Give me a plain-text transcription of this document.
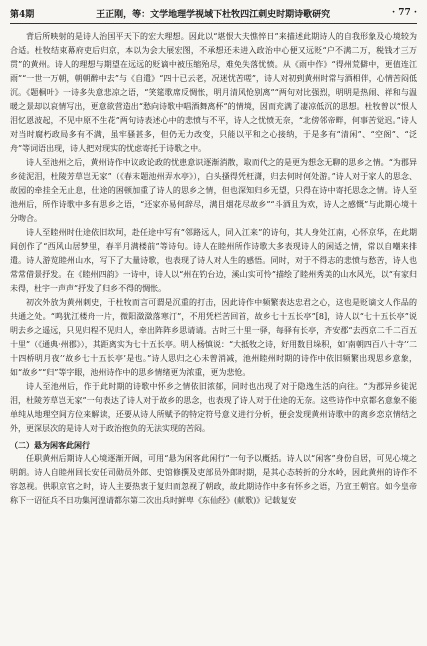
第4期	王正刚，等：文学地理学视域下杜牧四江刺史时期诗歌研究	· 77 ·

背后所映射的是诗人治国平天下的宏大理想。因此以“堪恨大夫憔悴日”来描述此期诗人的自我形象及心境较为合适。杜牧结束幕府吏后归京，本以为会大展宏图，不承想还未进入政治中心便又远贬“户不满二万，税钱才三万贯”的黄州。诗人的理想与期望在远远的贬谪中被压缩殆尽，难免失落忧愤。从《雨中作》“得州荒僻中，更值连江雨”“一世一万朝，朝朝醉中去”与《自遣》“四十已云老，况迷忧苦嗟”，诗人对初到黄州时常与酒相伴，心情苦闷低沉。《题桐叶》一诗多失意悲凉之语，“笑筵歌席反惆怅，明月清风怆别离”“两句对比强烈，明明是热闹、祥和与温暖之景却以哀情写出，更意欲营造出“愁向诗歌中唱酒舞离杯”的情境，因而充满了凄凉低沉的思想。杜牧曾以“恨人泪忆恩波起，不见中原不生花”两句诗表述心中的悲愤与不平，诗人之忧愤无奈，“北傍邻帝畔，何事苦觉迟。”诗人对当时腐朽政局多有不满，虽牢骚甚多，但仍无力改变，只能以平和之心接纳，于是多有“清闲”、“空阁”、“泛舟”等词语出现，诗人把对现实的忧虑寄托于诗歌之中。

诗人至池州之后，黄州诗作中议政论政的忧患意识逐渐消散，取而代之的是更为想念无聊的思乡之情。“为郡异乡徒泥泪，杜陵芳草岂无家”（《春末题池州弄水亭》），白头搔得凭枉潇，归去何时何处游。”诗人对于家人的思念、故园的牵挂全无止息，仕途的困顿加重了诗人的思乡之情，但也深知归乡无望，只得在诗中寄托思念之情。诗人至池州后，所作诗歌中多有思乡之语，“还家亦易何辞尽，满目烟花尽故乡”“斗酒且为欢，诗人之感慨”与此期心境十分吻合。

诗人至睦州时仕途依旧坎坷，赴任途中写有“邻路远人，同入江来”的诗句，其人身处江南，心怀京华，在此期间创作了“西风山居梦里，春半月满楼前”等诗句。诗人在睦州所作诗歌大多表现诗人的闲适之情，常以自嘲来排遣。诗人游览睦州山水，写下了大量诗歌，也表现了诗人对人生的感悟。同时，对于不得志的悲愤与愁苦，诗人也常常借景抒发。在《睦州四韵》一诗中，诗人以“州在钓台边，溪山实可怜”描绘了睦州秀美的山水风光，以“有家归未得，杜宇一声声”抒发了归乡不得的惆怅。

初次外放为黄州刺史，于杜牧而言可谓是沉重的打击，因此诗作中频繁表达忠君之心，这也是贬谪文人作品的共通之处。“鸣犹江楼舟一片，微阳潋潋落寒汀”，不用凭栏苦回首，故乡七十五长亭”[8]，诗人以“七十五长亭”说明去乡之遥远，只见归程不见归人，牵出阵阵乡思请请。古时三十里一驿，每驿有长亭，齐安郡“去西京二千二百五十里”（《通典·州郡》），其距离实为七十五长亭。明人杨慎说：“大抵牧之诗，好用数目垛积，如‘南朝四百八十寺’‘二十四桥明月夜’‘故乡七十五长亭’是也。”诗人思归之心未曾消减，池州睦州时期的诗作中依旧频繁出现思乡意象，如“故乡”“归”等字眼，池州诗作中的思乡情绪更为浓重，更为悲怆。

诗人至池州后，作于此时期的诗歌中怀乡之情依旧浓郁，同时也出现了对于隐逸生活的向往。“为郡异乡徒泥泪，杜陵芳草岂无家”一句表达了诗人对于故乡的思念，也表现了诗人对于仕途的无奈。这些诗作中京都名意象不能单纯从地理空间方位来解读，还要从诗人所赋予的特定符号意义进行分析，便会发现黄州诗歌中的离乡恋京情结之外，更深层次的是诗人对于政治抱负的无法实现的苦闷。

（二）悬为闲客此闲行

任职黄州后期诗人心境逐渐开阔，可用“悬为闲客此闲行”一句予以概括。诗人以“闲客”身份自居，可见心境之明朗。诗人自睦州回长安任司勋员外郎、史馆修撰及吏部员外郎时期，是其心态转折的分水岭，因此黄州的诗作不容忽视。供职京官之时，诗人主要热衷于复归而忽视了朝政，故此期诗作中多有怀乡之语，乃宣王朝官。如今皇帝称下一诏征兵不日功集河湟请都尔第二次出兵时鲜卑《东仙经》(献歌)》记载复安
